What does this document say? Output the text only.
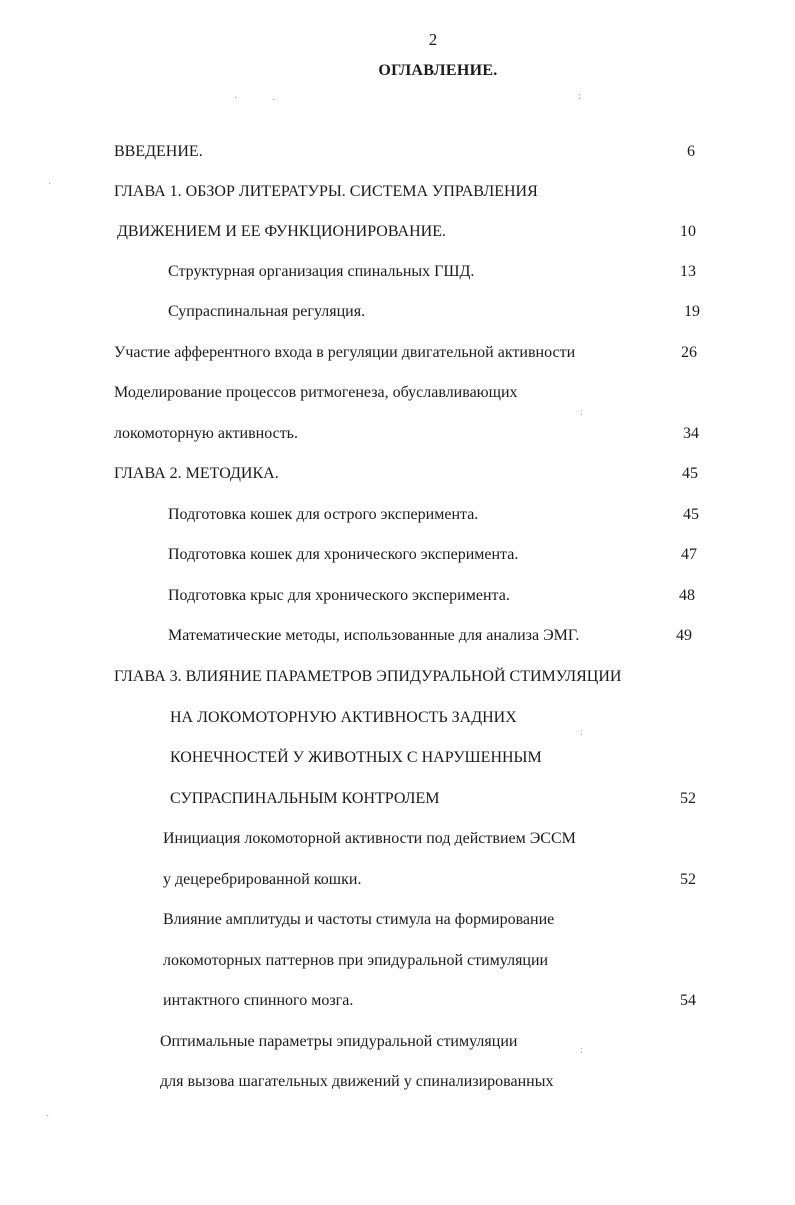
2
ОГЛАВЛЕНИЕ.
ВВЕДЕНИЕ.	6
ГЛАВА 1. ОБЗОР ЛИТЕРАТУРЫ. СИСТЕМА УПРАВЛЕНИЯ
ДВИЖЕНИЕМ И ЕЕ ФУНКЦИОНИРОВАНИЕ.	10
Структурная организация спинальных ГШД.	13
Супраспинальная регуляция.	19
Участие афферентного входа в регуляции двигательной активности	26
Моделирование процессов ритмогенеза, обуславливающих
локомоторную активность.	34
ГЛАВА 2. МЕТОДИКА.	45
Подготовка кошек для острого эксперимента.	45
Подготовка кошек для хронического эксперимента.	47
Подготовка крыс для хронического эксперимента.	48
Математические методы, использованные для анализа ЭМГ.	49
ГЛАВА 3. ВЛИЯНИЕ ПАРАМЕТРОВ ЭПИДУРАЛЬНОЙ СТИМУЛЯЦИИ
НА ЛОКОМОТОРНУЮ АКТИВНОСТЬ ЗАДНИХ
КОНЕЧНОСТЕЙ У ЖИВОТНЫХ С НАРУШЕННЫМ
СУПРАСПИНАЛЬНЫМ КОНТРОЛЕМ	52
Инициация локомоторной активности под действием ЭССМ
у децеребрированной кошки.	52
Влияние амплитуды и частоты стимула на формирование
локомоторных паттернов при эпидуральной стимуляции
интактного спинного мозга.	54
Оптимальные параметры эпидуральной стимуляции
для вызова шагательных движений у спинализированных
·	·	:
·
:
:
:
·
